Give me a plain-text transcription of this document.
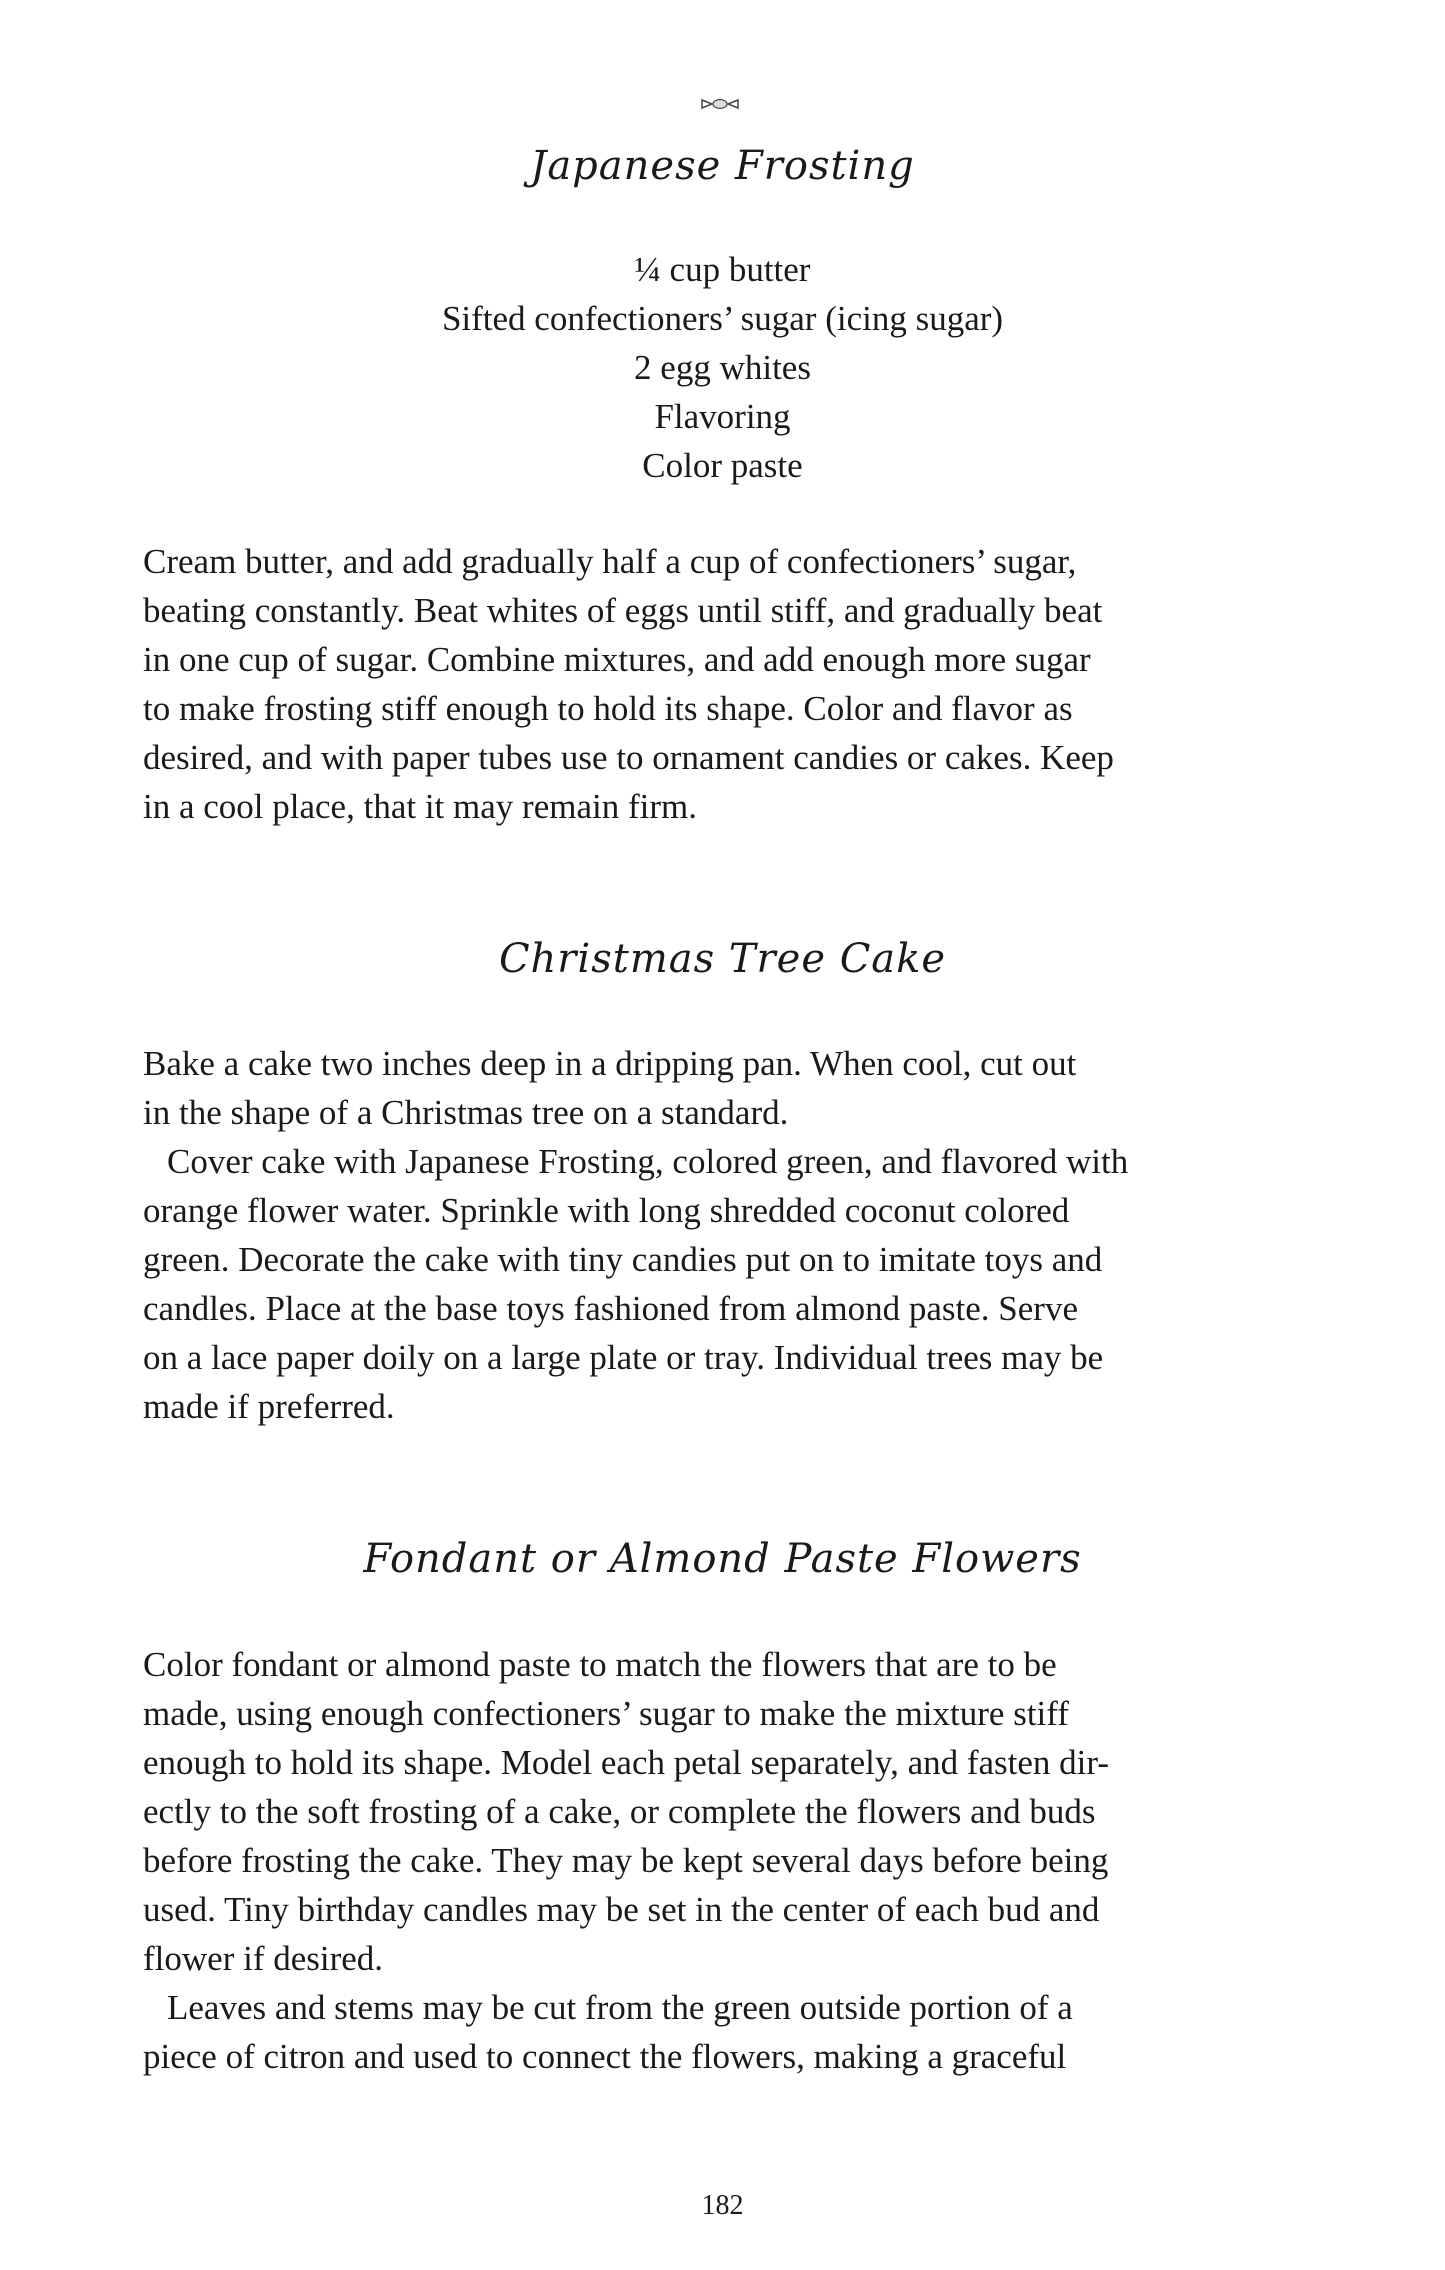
Japanese Frosting
¼ cup butter
Sifted confectioners’ sugar (icing sugar)
2 egg whites
Flavoring
Color paste
Cream butter, and add gradually half a cup of confectioners’ sugar,
beating constantly. Beat whites of eggs until stiff, and gradually beat
in one cup of sugar. Combine mixtures, and add enough more sugar
to make frosting stiff enough to hold its shape. Color and flavor as
desired, and with paper tubes use to ornament candies or cakes. Keep
in a cool place, that it may remain firm.
Christmas Tree Cake
Bake a cake two inches deep in a dripping pan. When cool, cut out
in the shape of a Christmas tree on a standard.
Cover cake with Japanese Frosting, colored green, and flavored with
orange flower water. Sprinkle with long shredded coconut colored
green. Decorate the cake with tiny candies put on to imitate toys and
candles. Place at the base toys fashioned from almond paste. Serve
on a lace paper doily on a large plate or tray. Individual trees may be
made if preferred.
Fondant or Almond Paste Flowers
Color fondant or almond paste to match the flowers that are to be
made, using enough confectioners’ sugar to make the mixture stiff
enough to hold its shape. Model each petal separately, and fasten dir-
ectly to the soft frosting of a cake, or complete the flowers and buds
before frosting the cake. They may be kept several days before being
used. Tiny birthday candles may be set in the center of each bud and
flower if desired.
Leaves and stems may be cut from the green outside portion of a
piece of citron and used to connect the flowers, making a graceful
182
